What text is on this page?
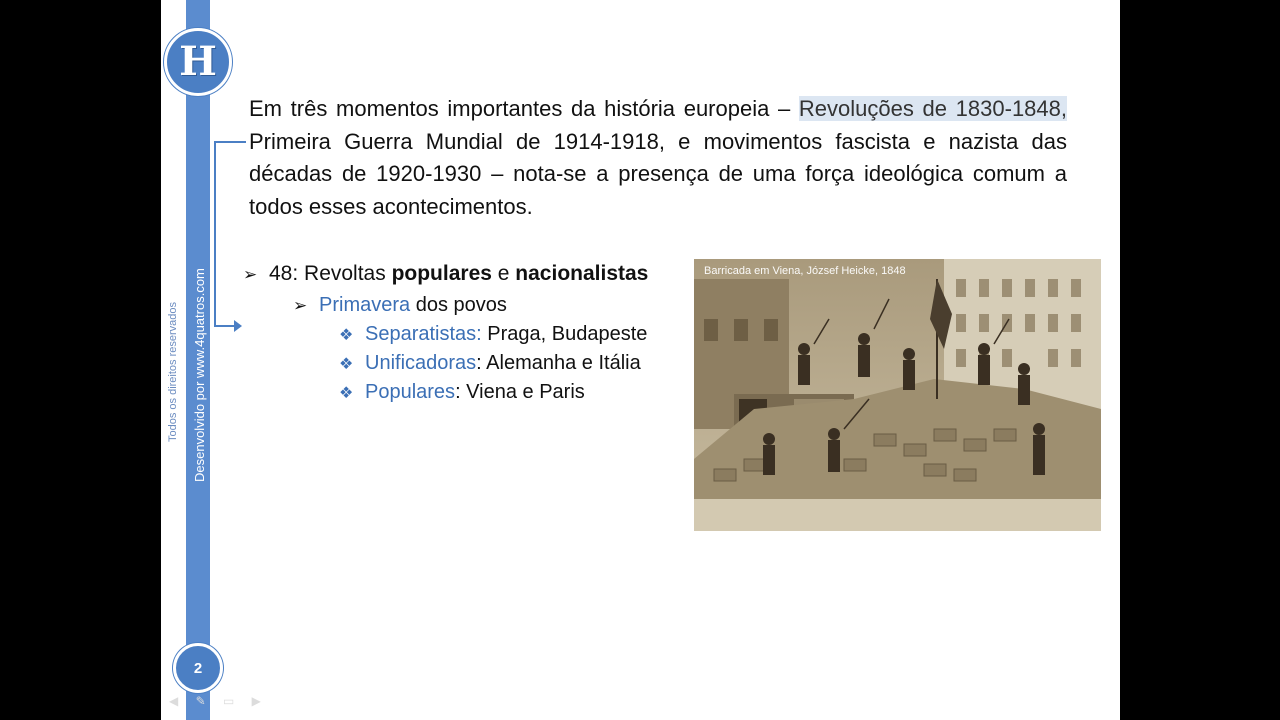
H
Todos os direitos reservados Desenvolvido por www.4quatros.com

Em três momentos importantes da história europeia – Revoluções de 1830-1848, Primeira Guerra Mundial de 1914-1918, e movimentos fascista e nazista das décadas de 1920-1930 – nota-se a presença de uma força ideológica comum a todos esses acontecimentos.

➢ 48: Revoltas populares e nacionalistas
➢ Primavera dos povos
❖ Separatistas: Praga, Budapeste
❖ Unificadoras: Alemanha e Itália
❖ Populares: Viena e Paris
Barricada em Viena, József Heicke, 1848
2
◀ ✎ ▭ ▶
